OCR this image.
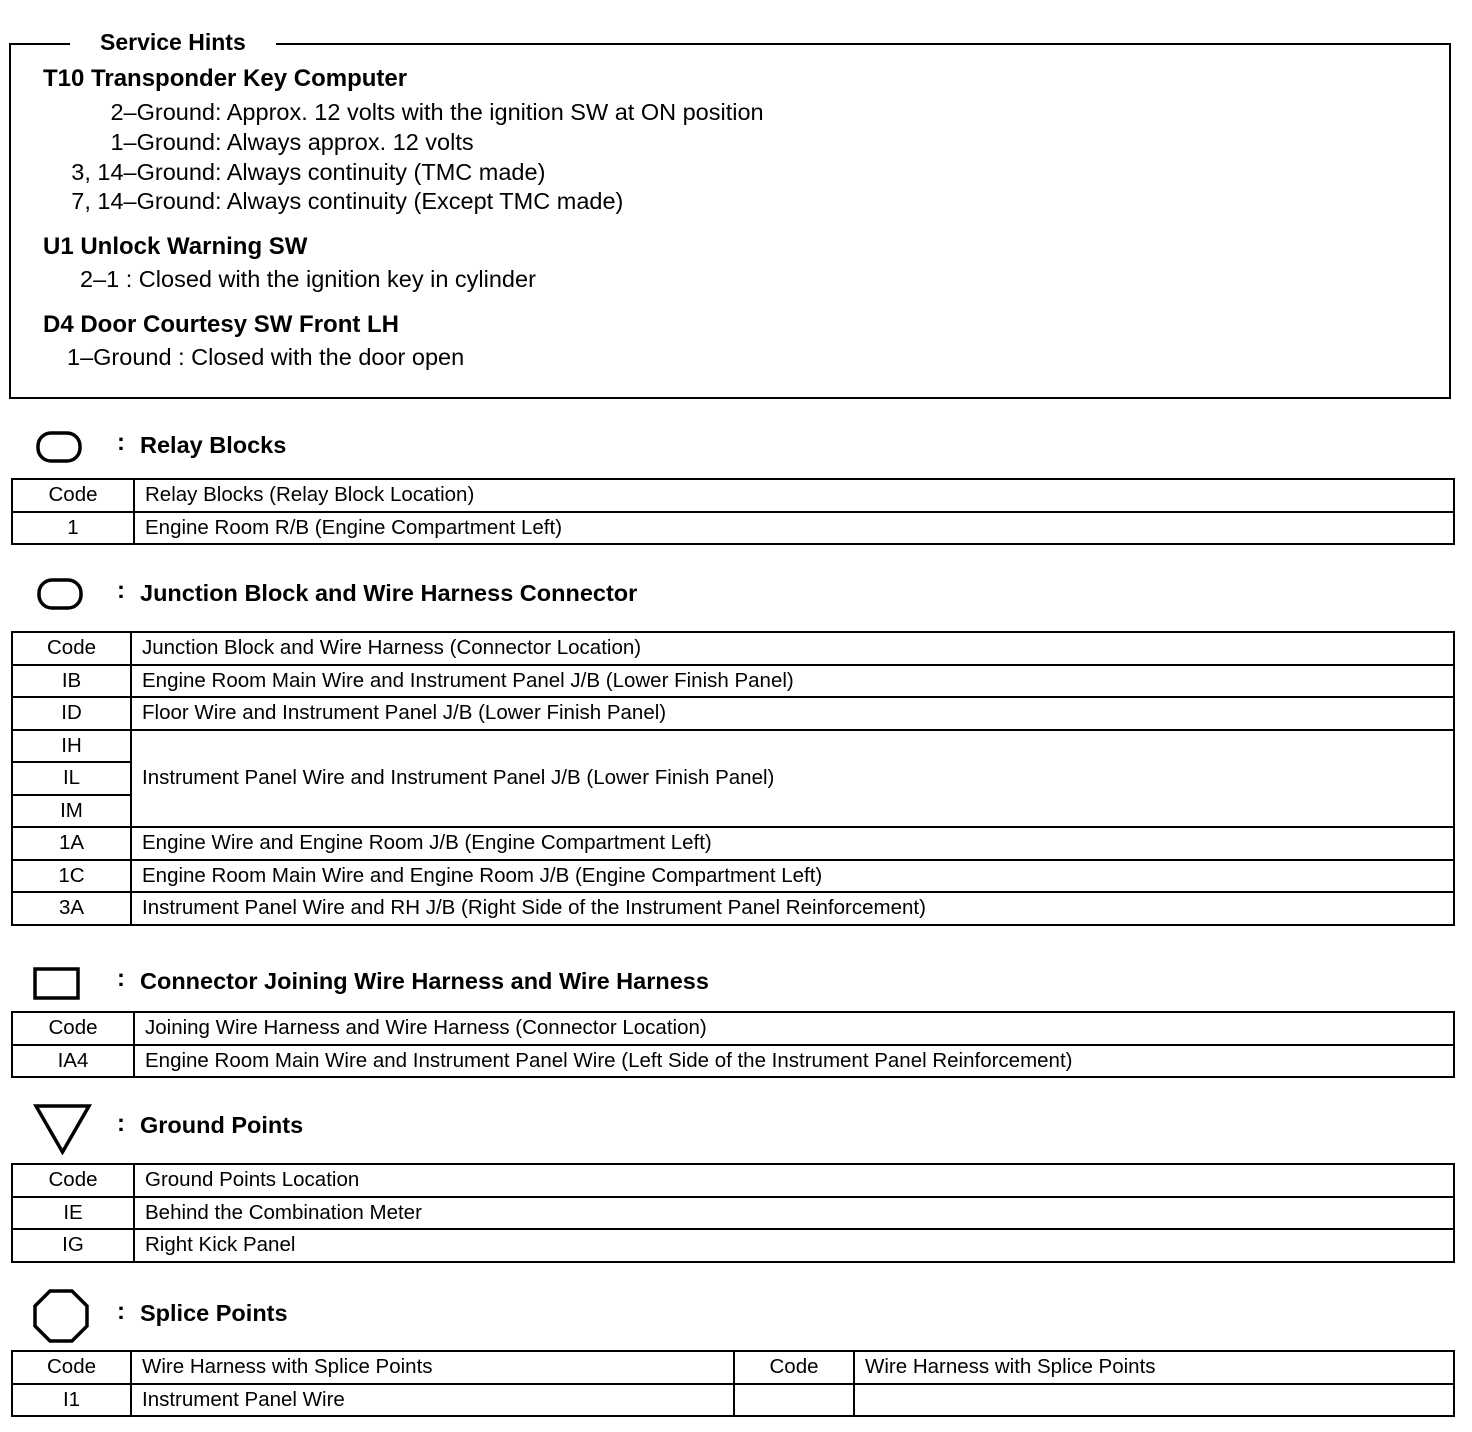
Service Hints
T10 Transponder Key Computer
2–Ground: Approx. 12 volts with the ignition SW at ON position
1–Ground: Always approx. 12 volts
3, 14–Ground: Always continuity (TMC made)
7, 14–Ground: Always continuity (Except TMC made)
U1 Unlock Warning SW
2–1 : Closed with the ignition key in cylinder
D4 Door Courtesy SW Front LH
1–Ground : Closed with the door open
: Relay Blocks
Code	Relay Blocks (Relay Block Location)
1	Engine Room R/B (Engine Compartment Left)
: Junction Block and Wire Harness Connector
Code	Junction Block and Wire Harness (Connector Location)
IB	Engine Room Main Wire and Instrument Panel J/B (Lower Finish Panel)
ID	Floor Wire and Instrument Panel J/B (Lower Finish Panel)
IH	Instrument Panel Wire and Instrument Panel J/B (Lower Finish Panel)
IL	
IM	
1A	Engine Wire and Engine Room J/B (Engine Compartment Left)
1C	Engine Room Main Wire and Engine Room J/B (Engine Compartment Left)
3A	Instrument Panel Wire and RH J/B (Right Side of the Instrument Panel Reinforcement)
: Connector Joining Wire Harness and Wire Harness
Code	Joining Wire Harness and Wire Harness (Connector Location)
IA4	Engine Room Main Wire and Instrument Panel Wire (Left Side of the Instrument Panel Reinforcement)
: Ground Points
Code	Ground Points Location
IE	Behind the Combination Meter
IG	Right Kick Panel
: Splice Points
Code	Wire Harness with Splice Points	Code	Wire Harness with Splice Points
I1	Instrument Panel Wire		
